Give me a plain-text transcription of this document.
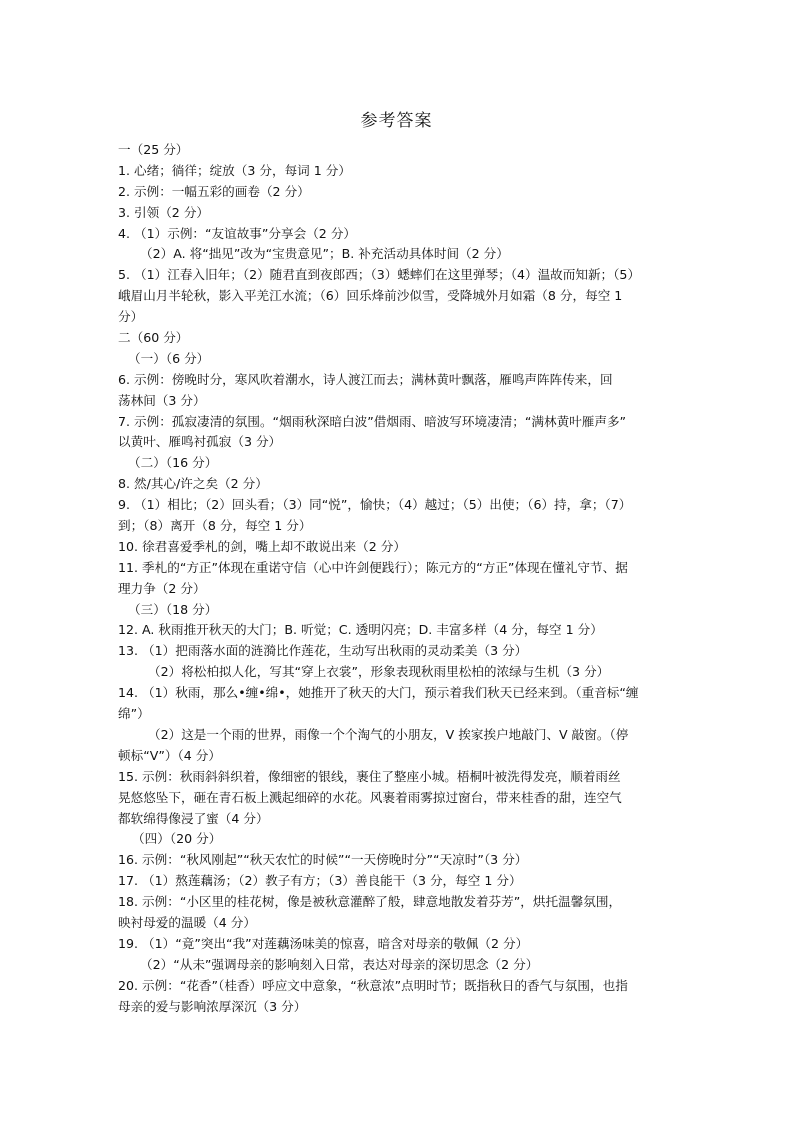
参考答案
一（25 分）
1. 心绪；徜徉；绽放（3 分，每词 1 分）
2. 示例：一幅五彩的画卷（2 分）
3. 引领（2 分）
4. （1）示例：“友谊故事”分享会（2 分）
（2）A. 将“拙见”改为“宝贵意见”；B. 补充活动具体时间（2 分）
5. （1）江春入旧年；（2）随君直到夜郎西；（3）蟋蟀们在这里弹琴；（4）温故而知新；（5）
峨眉山月半轮秋，影入平羌江水流；（6）回乐烽前沙似雪，受降城外月如霜（8 分，每空 1
分）
二（60 分）
（一）（6 分）
6. 示例：傍晚时分，寒风吹着潮水，诗人渡江而去；满林黄叶飘落，雁鸣声阵阵传来，回
荡林间（3 分）
7. 示例：孤寂凄清的氛围。“烟雨秋深暗白波”借烟雨、暗波写环境凄清；“满林黄叶雁声多”
以黄叶、雁鸣衬孤寂（3 分）
（二）（16 分）
8. 然/其心/许之矣（2 分）
9. （1）相比；（2）回头看；（3）同“悦”，愉快；（4）越过；（5）出使；（6）持，拿；（7）
到；（8）离开（8 分，每空 1 分）
10. 徐君喜爱季札的剑，嘴上却不敢说出来（2 分）
11. 季札的“方正”体现在重诺守信（心中许剑便践行）；陈元方的“方正”体现在懂礼守节、据
理力争（2 分）
（三）（18 分）
12. A. 秋雨推开秋天的大门；B. 听觉；C. 透明闪亮；D. 丰富多样（4 分，每空 1 分）
13. （1）把雨落水面的涟漪比作莲花，生动写出秋雨的灵动柔美（3 分）
（2）将松柏拟人化，写其“穿上衣裳”，形象表现秋雨里松柏的浓绿与生机（3 分）
14. （1）秋雨，那么•缠•绵•，她推开了秋天的大门，预示着我们秋天已经来到。（重音标“缠
绵”）
（2）这是一个雨的世界，雨像一个个淘气的小朋友，V 挨家挨户地敲门、V 敲窗。（停
顿标“V”）（4 分）
15. 示例：秋雨斜斜织着，像细密的银线，裹住了整座小城。梧桐叶被洗得发亮，顺着雨丝
晃悠悠坠下，砸在青石板上溅起细碎的水花。风裹着雨雾掠过窗台，带来桂香的甜，连空气
都软绵得像浸了蜜（4 分）
（四）（20 分）
16. 示例：“秋风刚起”“秋天农忙的时候”“一天傍晚时分”“天凉时”（3 分）
17. （1）熬莲藕汤；（2）教子有方；（3）善良能干（3 分，每空 1 分）
18. 示例：“小区里的桂花树，像是被秋意灌醉了般，肆意地散发着芬芳”，烘托温馨氛围，
映衬母爱的温暖（4 分）
19. （1）“竟”突出“我”对莲藕汤味美的惊喜，暗含对母亲的敬佩（2 分）
（2）“从未”强调母亲的影响刻入日常，表达对母亲的深切思念（2 分）
20. 示例：“花香”（桂香）呼应文中意象，“秋意浓”点明时节；既指秋日的香气与氛围，也指
母亲的爱与影响浓厚深沉（3 分）
